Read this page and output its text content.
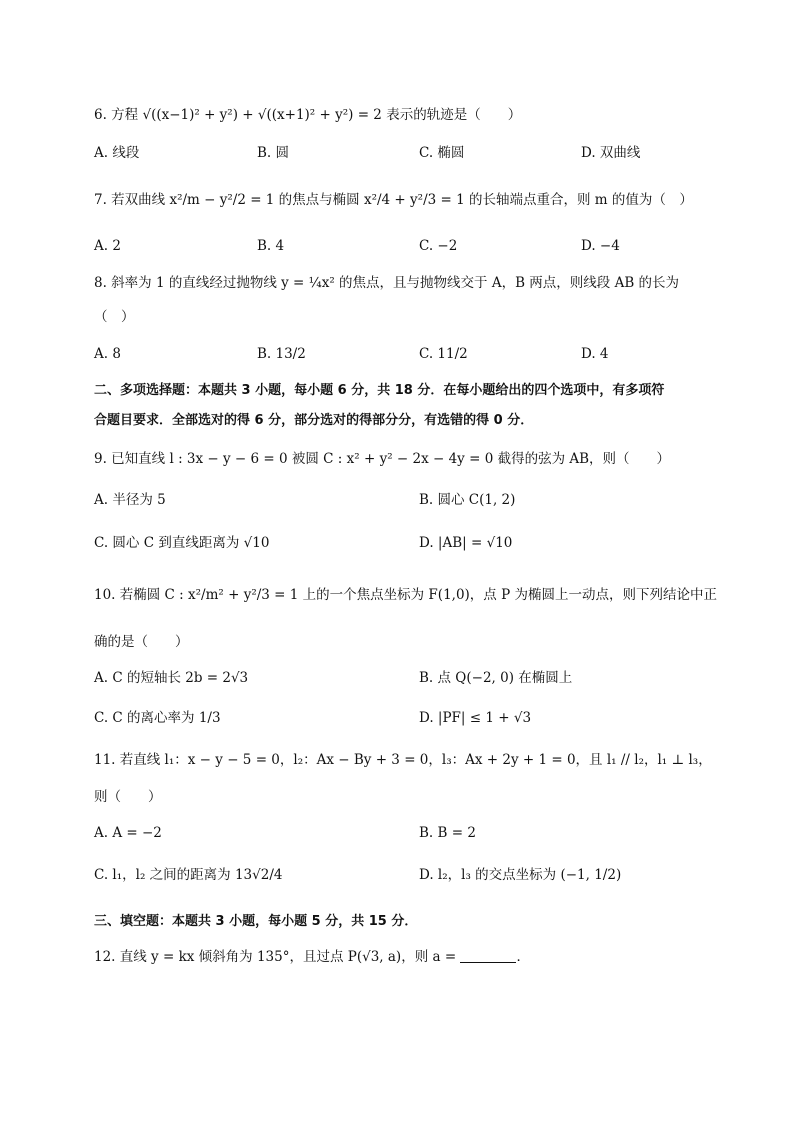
6. 方程 √((x−1)² + y²) + √((x+1)² + y²) = 2 表示的轨迹是（　　）
A. 线段	B. 圆	C. 椭圆	D. 双曲线
7. 若双曲线 x²/m − y²/2 = 1 的焦点与椭圆 x²/4 + y²/3 = 1 的长轴端点重合，则 m 的值为（　）
A. 2	B. 4	C. −2	D. −4
8. 斜率为 1 的直线经过抛物线 y = ¼x² 的焦点，且与抛物线交于 A，B 两点，则线段 AB 的长为
（　）
A. 8	B. 13/2	C. 11/2	D. 4
二、多项选择题：本题共 3 小题，每小题 6 分，共 18 分．在每小题给出的四个选项中，有多项符
合题目要求．全部选对的得 6 分，部分选对的得部分分，有选错的得 0 分．
9. 已知直线 l : 3x − y − 6 = 0 被圆 C : x² + y² − 2x − 4y = 0 截得的弦为 AB，则（　　）
A. 半径为 5	B. 圆心 C(1, 2)
C. 圆心 C 到直线距离为 √10	D. |AB| = √10
10. 若椭圆 C : x²/m² + y²/3 = 1 上的一个焦点坐标为 F(1,0)，点 P 为椭圆上一动点，则下列结论中正
确的是（　　）
A. C 的短轴长 2b = 2√3	B. 点 Q(−2, 0) 在椭圆上
C. C 的离心率为 1/3	D. |PF| ≤ 1 + √3
11. 若直线 l₁：x − y − 5 = 0，l₂：Ax − By + 3 = 0，l₃：Ax + 2y + 1 = 0，且 l₁ // l₂，l₁ ⊥ l₃，
则（　　）
A. A = −2	B. B = 2
C. l₁，l₂ 之间的距离为 13√2/4	D. l₂，l₃ 的交点坐标为 (−1, 1/2)
三、填空题：本题共 3 小题，每小题 5 分，共 15 分．
12. 直线 y = kx 倾斜角为 135°，且过点 P(√3, a)，则 a =	．
